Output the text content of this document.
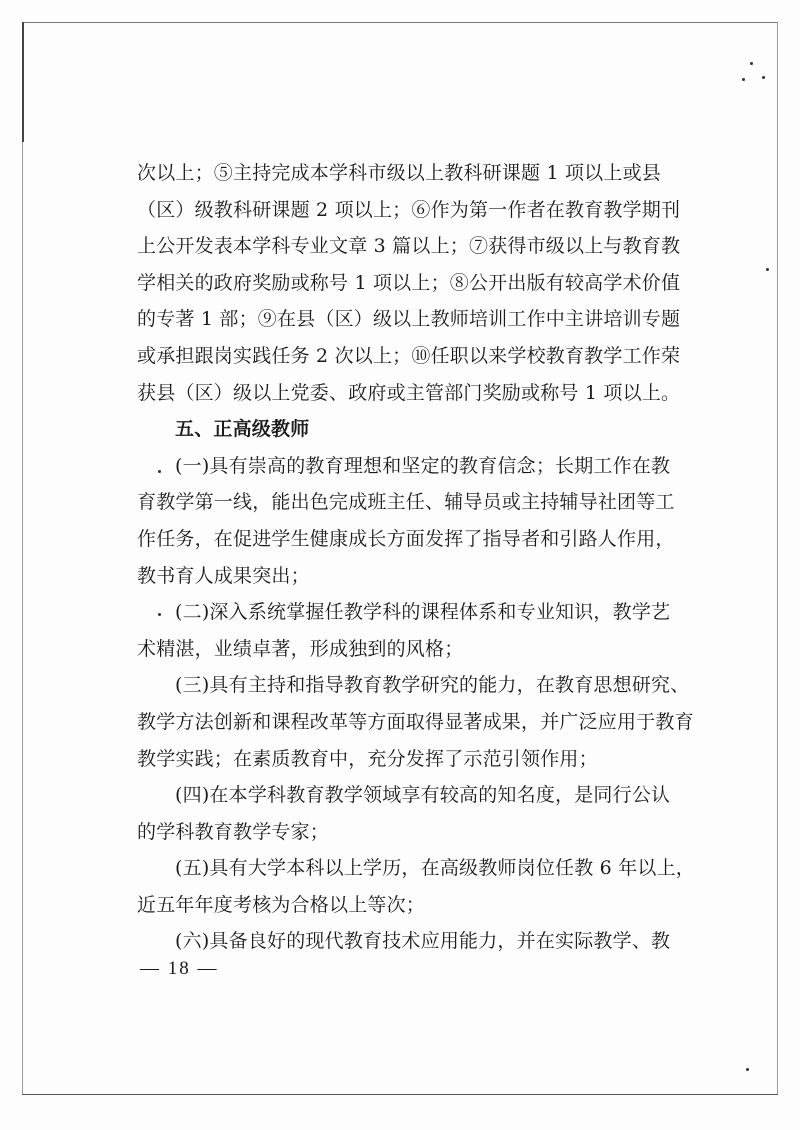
次以上；⑤主持完成本学科市级以上教科研课题 1 项以上或县
（区）级教科研课题 2 项以上；⑥作为第一作者在教育教学期刊
上公开发表本学科专业文章 3 篇以上；⑦获得市级以上与教育教
学相关的政府奖励或称号 1 项以上；⑧公开出版有较高学术价值
的专著 1 部；⑨在县（区）级以上教师培训工作中主讲培训专题
或承担跟岗实践任务 2 次以上；⑩任职以来学校教育教学工作荣
获县（区）级以上党委、政府或主管部门奖励或称号 1 项以上。
五、正高级教师
(一)具有崇高的教育理想和坚定的教育信念；长期工作在教
育教学第一线，能出色完成班主任、辅导员或主持辅导社团等工
作任务，在促进学生健康成长方面发挥了指导者和引路人作用，
教书育人成果突出；
(二)深入系统掌握任教学科的课程体系和专业知识，教学艺
术精湛，业绩卓著，形成独到的风格；
(三)具有主持和指导教育教学研究的能力，在教育思想研究、
教学方法创新和课程改革等方面取得显著成果，并广泛应用于教育
教学实践；在素质教育中，充分发挥了示范引领作用；
(四)在本学科教育教学领域享有较高的知名度，是同行公认
的学科教育教学专家；
(五)具有大学本科以上学历，在高级教师岗位任教 6 年以上，
近五年年度考核为合格以上等次；
(六)具备良好的现代教育技术应用能力，并在实际教学、教
— 18 —
